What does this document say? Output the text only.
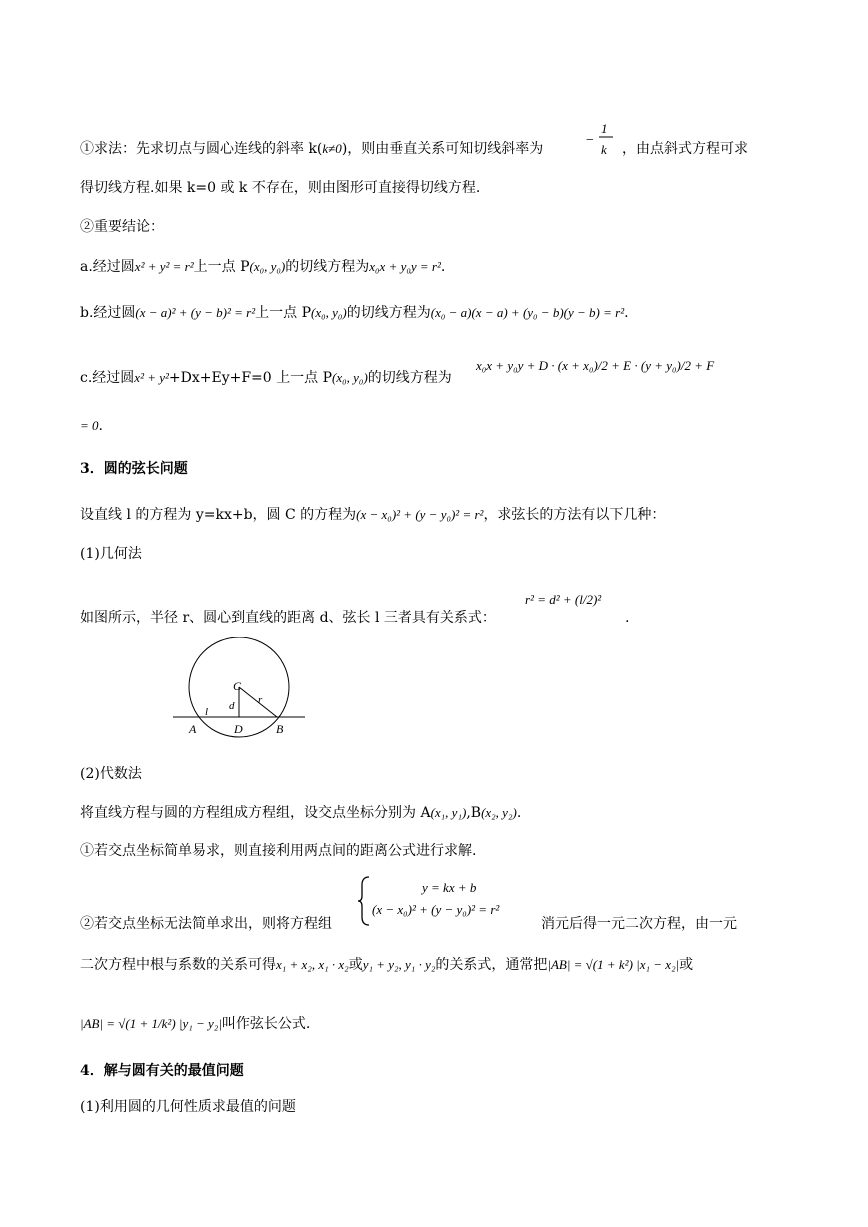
①求法：先求切点与圆心连线的斜率 k(k≠0)，则由垂直关系可知切线斜率为
−
1
k ，由点斜式方程可求
得切线方程.如果 k=0 或 k 不存在，则由图形可直接得切线方程.
②重要结论：
a.经过圆x² + y² = r²上一点 P(x₀, y₀)的切线方程为x₀x + y₀y = r².
b.经过圆(x − a)² + (y − b)² = r²上一点 P(x₀, y₀)的切线方程为(x₀ − a)(x − a) + (y₀ − b)(y − b) = r².
c.经过圆x² + y²+Dx+Ey+F=0 上一点 P(x₀, y₀)的切线方程为
x₀x + y₀y + D · (x + x₀)/2 + E · (y + y₀)/2 + F
= 0.
3．圆的弦长问题
设直线 l 的方程为 y=kx+b，圆 C 的方程为(x − x₀)² + (y − y₀)² = r²，求弦长的方法有以下几种：
(1)几何法
如图所示，半径 r、圆心到直线的距离 d、弦长 l 三者具有关系式：
r² = d² + (l/2)²
.
C
r
d
l
A	D	B
(2)代数法
将直线方程与圆的方程组成方程组，设交点坐标分别为 A(x₁, y₁),B(x₂, y₂).
①若交点坐标简单易求，则直接利用两点间的距离公式进行求解.
②若交点坐标无法简单求出，则将方程组
y = kx + b
(x − x₀)² + (y − y₀)² = r²
消元后得一元二次方程，由一元
二次方程中根与系数的关系可得x₁ + x₂, x₁ · x₂或y₁ + y₂, y₁ · y₂的关系式，通常把|AB| = √(1 + k²) |x₁ − x₂|或
|AB| = √(1 + 1/k²) |y₁ − y₂|叫作弦长公式.
4．解与圆有关的最值问题
(1)利用圆的几何性质求最值的问题
